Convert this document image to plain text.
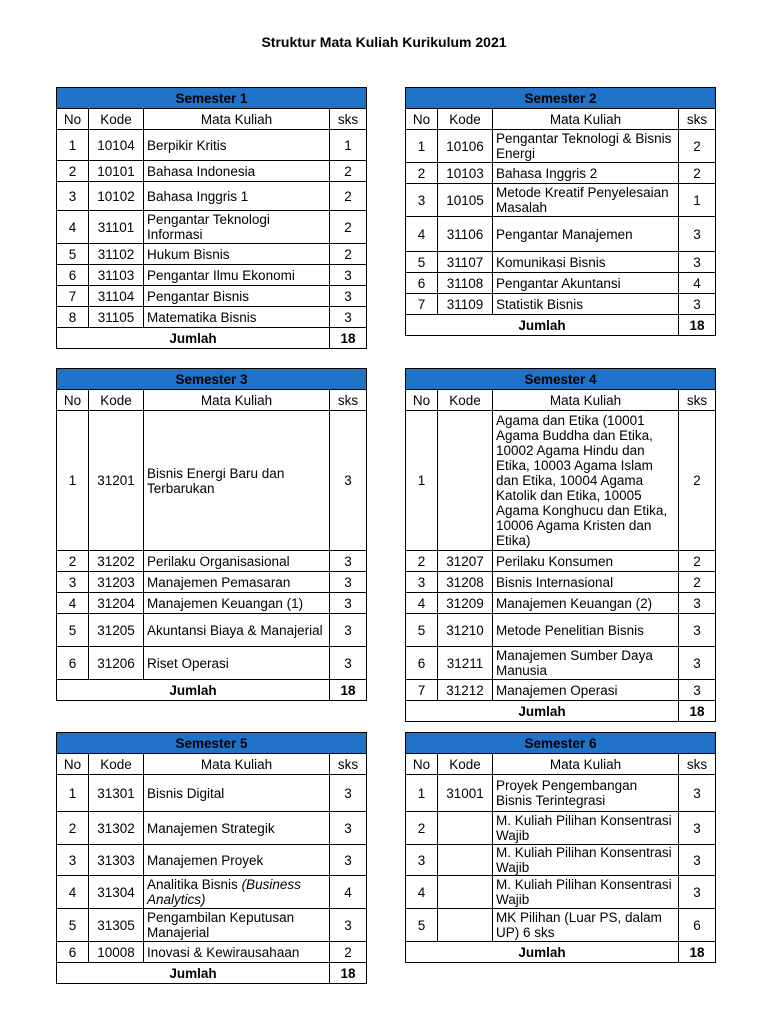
Struktur Mata Kuliah Kurikulum 2021
Semester 1			
No	Kode	Mata Kuliah	sks
1	10104	Berpikir Kritis	1
2	10101	Bahasa Indonesia	2
3	10102	Bahasa Inggris 1	2
4	31101	Pengantar Teknologi Informasi	2
5	31102	Hukum Bisnis	2
6	31103	Pengantar Ilmu Ekonomi	3
7	31104	Pengantar Bisnis	3
8	31105	Matematika Bisnis	3
Jumlah			18
Semester 2			
No	Kode	Mata Kuliah	sks
1	10106	Pengantar Teknologi & Bisnis Energi	2
2	10103	Bahasa Inggris 2	2
3	10105	Metode Kreatif Penyelesaian Masalah	1
4	31106	Pengantar Manajemen	3
5	31107	Komunikasi Bisnis	3
6	31108	Pengantar Akuntansi	4
7	31109	Statistik Bisnis	3
Jumlah			18
Semester 3			
No	Kode	Mata Kuliah	sks
1	31201	Bisnis Energi Baru dan Terbarukan	3
2	31202	Perilaku Organisasional	3
3	31203	Manajemen Pemasaran	3
4	31204	Manajemen Keuangan (1)	3
5	31205	Akuntansi Biaya & Manajerial	3
6	31206	Riset Operasi	3
Jumlah			18
Semester 4			
No	Kode	Mata Kuliah	sks
1		Agama dan Etika (10001 Agama Buddha dan Etika, 10002 Agama Hindu dan Etika, 10003 Agama Islam dan Etika, 10004 Agama Katolik dan Etika, 10005 Agama Konghucu dan Etika, 10006 Agama Kristen dan Etika)	2
2	31207	Perilaku Konsumen	2
3	31208	Bisnis Internasional	2
4	31209	Manajemen Keuangan (2)	3
5	31210	Metode Penelitian Bisnis	3
6	31211	Manajemen Sumber Daya Manusia	3
7	31212	Manajemen Operasi	3
Jumlah			18
Semester 5			
No	Kode	Mata Kuliah	sks
1	31301	Bisnis Digital	3
2	31302	Manajemen Strategik	3
3	31303	Manajemen Proyek	3
4	31304	Analitika Bisnis (Business Analytics)	4
5	31305	Pengambilan Keputusan Manajerial	3
6	10008	Inovasi & Kewirausahaan	2
Jumlah			18
Semester 6			
No	Kode	Mata Kuliah	sks
1	31001	Proyek Pengembangan Bisnis Terintegrasi	3
2		M. Kuliah Pilihan Konsentrasi Wajib	3
3		M. Kuliah Pilihan Konsentrasi Wajib	3
4		M. Kuliah Pilihan Konsentrasi Wajib	3
5		MK Pilihan (Luar PS, dalam UP) 6 sks	6
Jumlah			18
